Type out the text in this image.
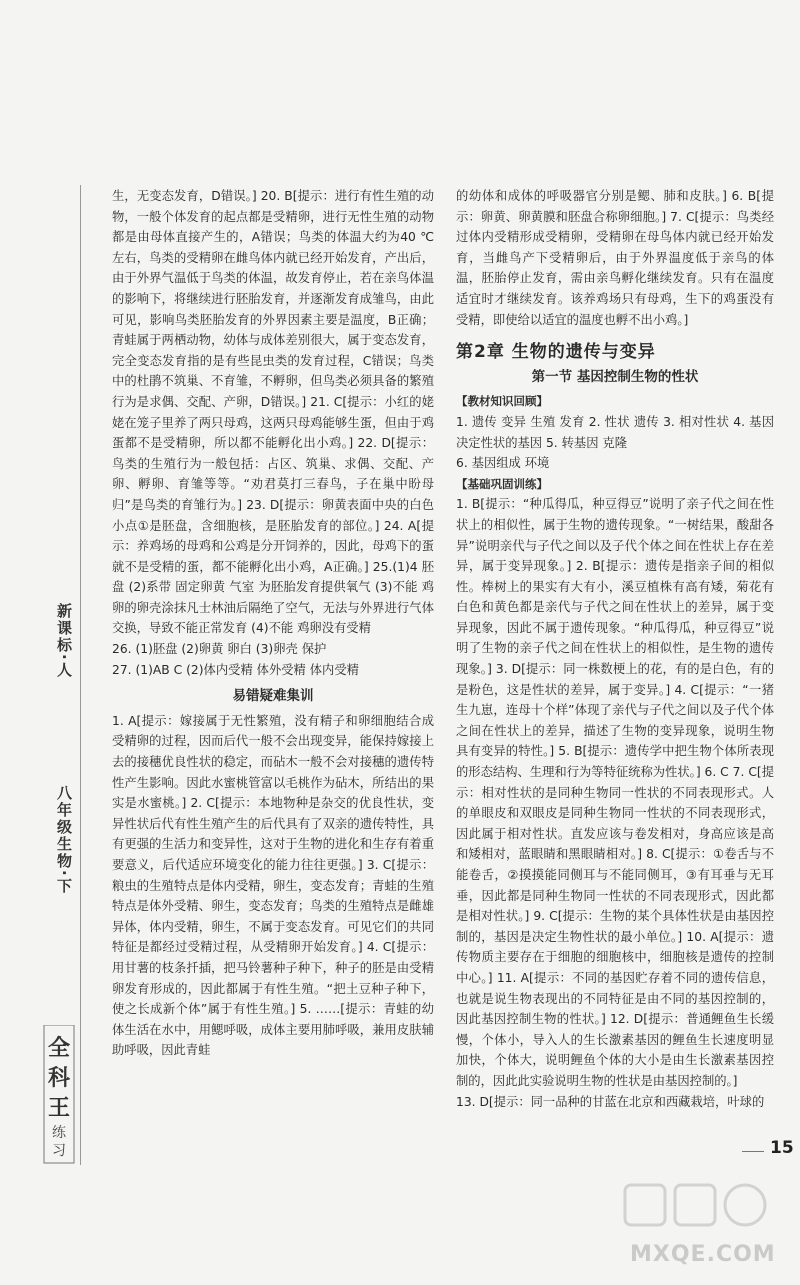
新课标·人
八年级生物·下
全
科
王
练
习

生，无变态发育，D错误。] 20. B[提示：进行有性生殖的动物，一般个体发育的起点都是受精卵，进行无性生殖的动物都是由母体直接产生的，A错误；鸟类的体温大约为40 ℃左右，鸟类的受精卵在雌鸟体内就已经开始发育，产出后，由于外界气温低于鸟类的体温，故发育停止，若在亲鸟体温的影响下，将继续进行胚胎发育，并逐渐发育成雏鸟，由此可见，影响鸟类胚胎发育的外界因素主要是温度，B正确；青蛙属于两栖动物，幼体与成体差别很大，属于变态发育，完全变态发育指的是有些昆虫类的发育过程，C错误；鸟类中的杜鹃不筑巢、不育雏，不孵卵，但鸟类必须具备的繁殖行为是求偶、交配、产卵，D错误。] 21. C[提示：小红的姥姥在笼子里养了两只母鸡，这两只母鸡能够生蛋，但由于鸡蛋都不是受精卵，所以都不能孵化出小鸡。] 22. D[提示：鸟类的生殖行为一般包括：占区、筑巢、求偶、交配、产卵、孵卵、育雏等等。“劝君莫打三春鸟，子在巢中盼母归”是鸟类的育雏行为。] 23. D[提示：卵黄表面中央的白色小点①是胚盘，含细胞核，是胚胎发育的部位。] 24. A[提示：养鸡场的母鸡和公鸡是分开饲养的，因此，母鸡下的蛋就不是受精的蛋，都不能孵化出小鸡，A正确。] 25.(1)4 胚盘 (2)系带 固定卵黄 气室 为胚胎发育提供氧气 (3)不能 鸡卵的卵壳涂抹凡士林油后隔绝了空气，无法与外界进行气体交换，导致不能正常发育 (4)不能 鸡卵没有受精

26. (1)胚盘 (2)卵黄 卵白 (3)卵壳 保护

27. (1)AB C (2)体内受精 体外受精 体内受精

易错疑难集训

1. A[提示：嫁接属于无性繁殖，没有精子和卵细胞结合成受精卵的过程，因而后代一般不会出现变异，能保持嫁接上去的接穗优良性状的稳定，而砧木一般不会对接穗的遗传特性产生影响。因此水蜜桃管富以毛桃作为砧木，所结出的果实是水蜜桃。] 2. C[提示：本地物种是杂交的优良性状，变异性状后代有性生殖产生的后代具有了双亲的遗传特性，具有更强的生活力和变异性，这对于生物的进化和生存有着重要意义，后代适应环境变化的能力往往更强。] 3. C[提示：粮虫的生殖特点是体内受精，卵生，变态发育；青蛙的生殖特点是体外受精、卵生，变态发育；鸟类的生殖特点是雌雄异体，体内受精，卵生，不属于变态发育。可见它们的共同特征是都经过受精过程，从受精卵开始发育。] 4. C[提示：用甘薯的枝条扦插，把马铃薯种子种下，种子的胚是由受精卵发育形成的，因此都属于有性生殖。“把土豆种子种下，使之长成新个体”属于有性生殖。] 5. ……[提示：青蛙的幼体生活在水中，用鳃呼吸，成体主要用肺呼吸，兼用皮肤辅助呼吸，因此青蛙

的幼体和成体的呼吸器官分别是鳃、肺和皮肤。] 6. B[提示：卵黄、卵黄膜和胚盘合称卵细胞。] 7. C[提示：鸟类经过体内受精形成受精卵，受精卵在母鸟体内就已经开始发育，当雌鸟产下受精卵后，由于外界温度低于亲鸟的体温，胚胎停止发育，需由亲鸟孵化继续发育。只有在温度适宜时才继续发育。该养鸡场只有母鸡，生下的鸡蛋没有受精，即使给以适宜的温度也孵不出小鸡。]

第2章 生物的遗传与变异
第一节 基因控制生物的性状
【教材知识回顾】

1. 遗传 变异 生殖 发育 2. 性状 遗传 3. 相对性状 4. 基因 决定性状的基因 5. 转基因 克隆

6. 基因组成 环境

【基础巩固训练】

1. B[提示：“种瓜得瓜，种豆得豆”说明了亲子代之间在性状上的相似性，属于生物的遗传现象。“一树结果，酸甜各异”说明亲代与子代之间以及子代个体之间在性状上存在差异，属于变异现象。] 2. B[提示：遗传是指亲子间的相似性。棒树上的果实有大有小，溪豆植株有高有矮，菊花有白色和黄色都是亲代与子代之间在性状上的差异，属于变异现象，因此不属于遗传现象。“种瓜得瓜，种豆得豆”说明了生物的亲子代之间在性状上的相似性，是生物的遗传现象。] 3. D[提示：同一株数梗上的花，有的是白色，有的是粉色，这是性状的差异，属于变异。] 4. C[提示：“一猪生九崽，连母十个样”体现了亲代与子代之间以及子代个体之间在性状上的差异，描述了生物的变异现象，说明生物具有变异的特性。] 5. B[提示：遗传学中把生物个体所表现的形态结构、生理和行为等特征统称为性状。] 6. C 7. C[提示：相对性状的是同种生物同一性状的不同表现形式。人的单眼皮和双眼皮是同种生物同一性状的不同表现形式，因此属于相对性状。直发应该与卷发相对，身高应该是高和矮相对，蓝眼睛和黑眼睛相对。] 8. C[提示：①卷舌与不能卷舌，②摸摸能同侧耳与不能同侧耳，③有耳垂与无耳垂，因此都是同种生物同一性状的不同表现形式，因此都是相对性状。] 9. C[提示：生物的某个具体性状是由基因控制的，基因是决定生物性状的最小单位。] 10. A[提示：遗传物质主要存在于细胞的细胞核中，细胞核是遗传的控制中心。] 11. A[提示：不同的基因贮存着不同的遗传信息，也就是说生物表现出的不同特征是由不同的基因控制的，因此基因控制生物的性状。] 12. D[提示：普通鲤鱼生长缓慢，个体小，导入人的生长激素基因的鲤鱼生长速度明显加快，个体大，说明鲤鱼个体的大小是由生长激素基因控制的，因此此实验说明生物的性状是由基因控制的。]

13. D[提示：同一品种的甘蓝在北京和西藏栽培，叶球的

15
MXQE.COM
